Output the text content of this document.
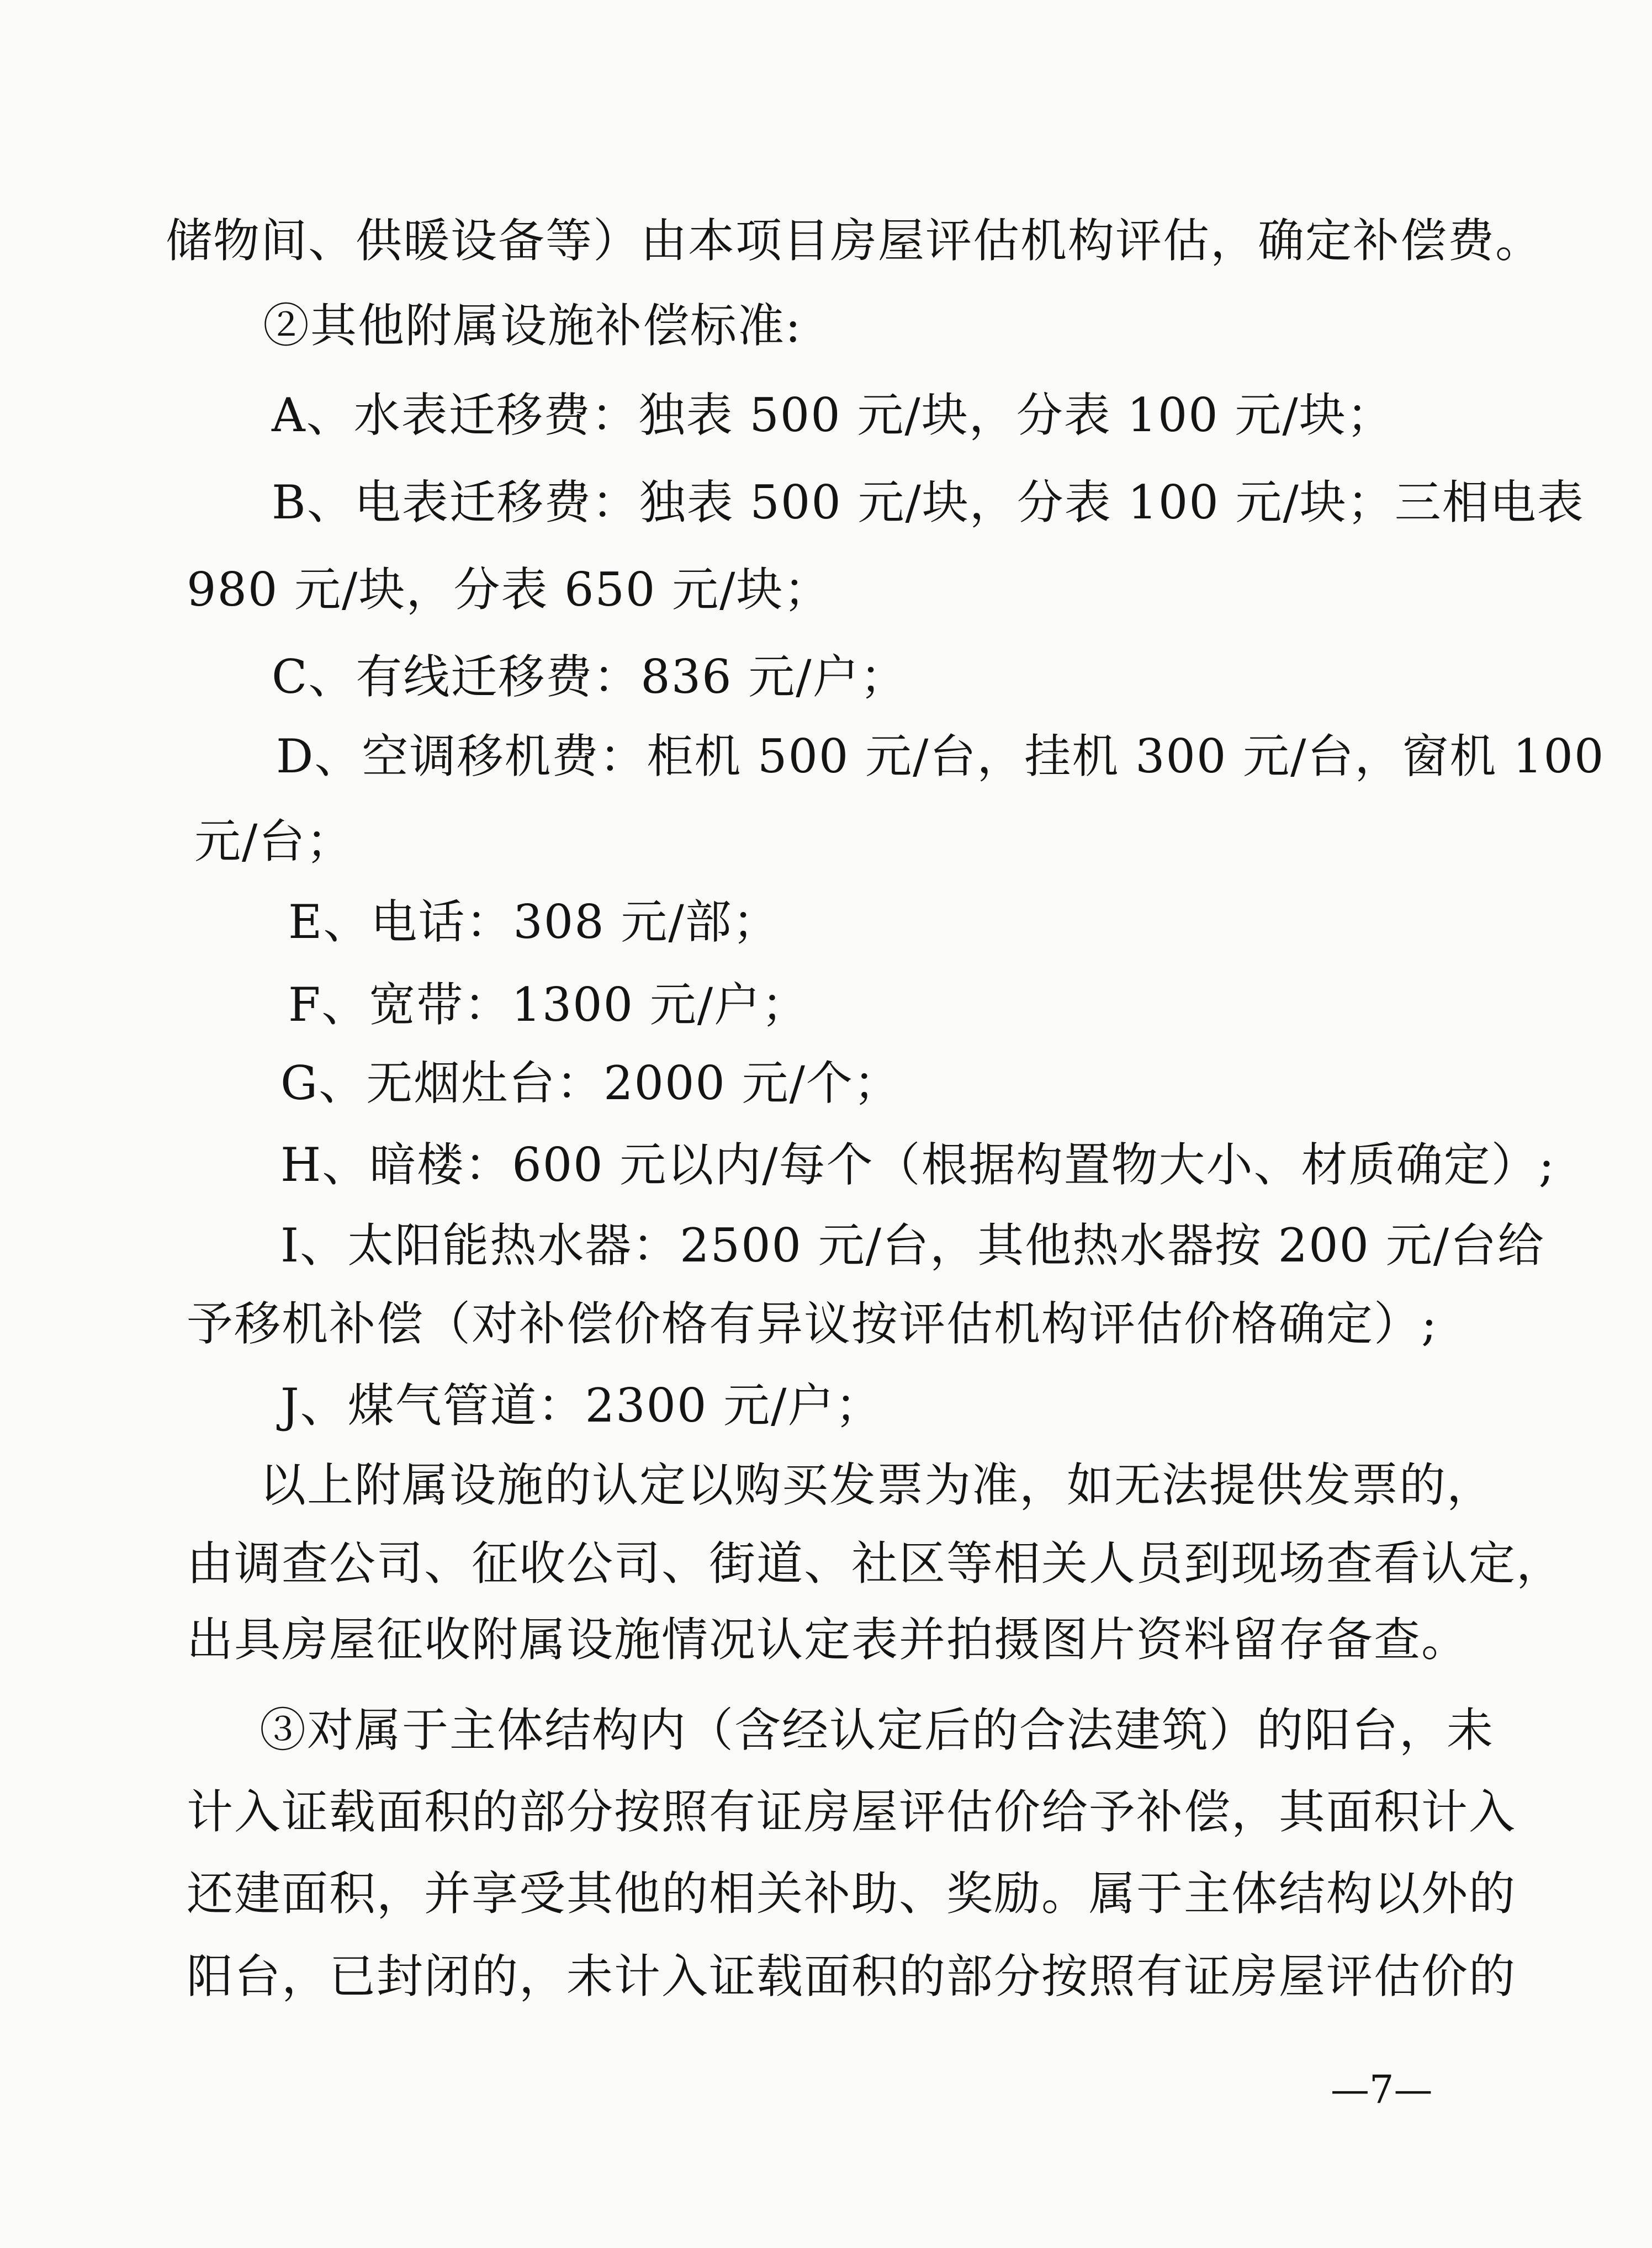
储物间、供暖设备等）由本项目房屋评估机构评估，确定补偿费。
②其他附属设施补偿标准:
A、水表迁移费：独表 500 元/块，分表 100 元/块；
B、电表迁移费：独表 500 元/块，分表 100 元/块；三相电表
980 元/块，分表 650 元/块；
C、有线迁移费：836 元/户；
D、空调移机费：柜机 500 元/台，挂机 300 元/台，窗机 100
元/台；
E、电话：308 元/部；
F、宽带：1300 元/户；
G、无烟灶台：2000 元/个；
H、暗楼：600 元以内/每个（根据构置物大小、材质确定）;
I、太阳能热水器：2500 元/台，其他热水器按 200 元/台给
予移机补偿（对补偿价格有异议按评估机构评估价格确定）;
J、煤气管道：2300 元/户；
以上附属设施的认定以购买发票为准，如无法提供发票的，
由调查公司、征收公司、街道、社区等相关人员到现场查看认定，
出具房屋征收附属设施情况认定表并拍摄图片资料留存备查。
③对属于主体结构内（含经认定后的合法建筑）的阳台，未
计入证载面积的部分按照有证房屋评估价给予补偿，其面积计入
还建面积，并享受其他的相关补助、奖励。属于主体结构以外的
阳台，已封闭的，未计入证载面积的部分按照有证房屋评估价的
—7—
